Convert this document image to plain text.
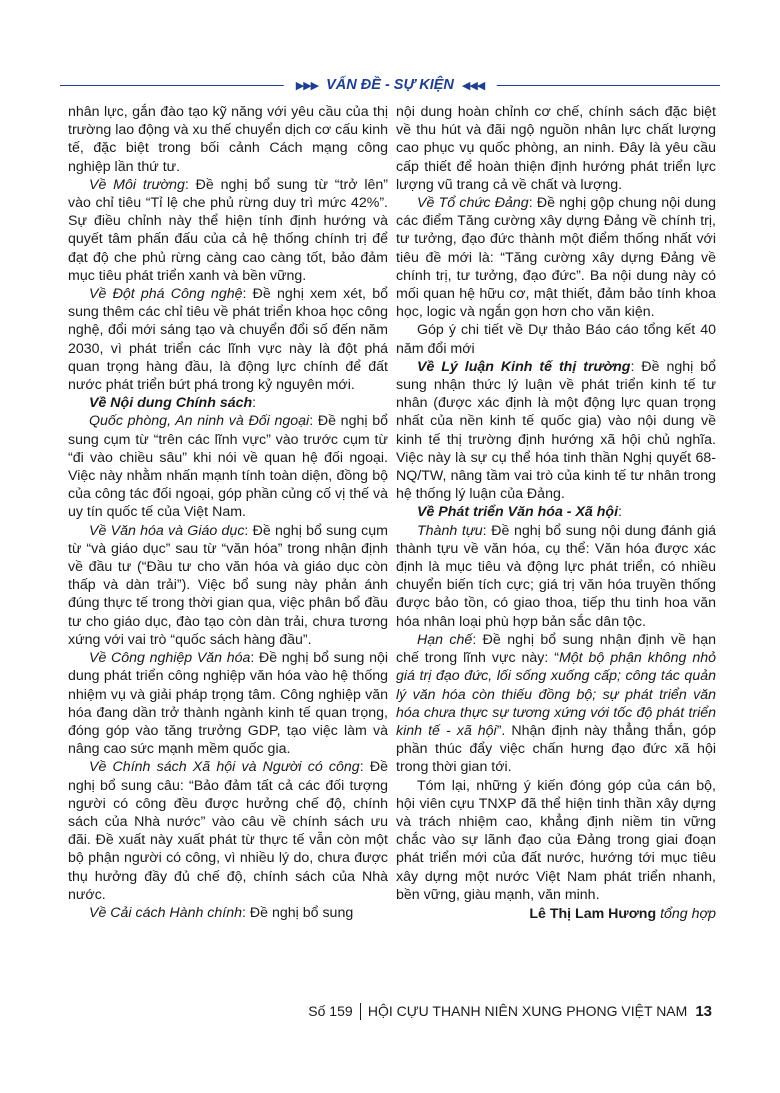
▶▶▶ VẤN ĐỀ - SỰ KIỆN ◀◀◀

nhân lực, gắn đào tạo kỹ năng với yêu cầu của thị trường lao động và xu thế chuyển dịch cơ cấu kinh tế, đặc biệt trong bối cảnh Cách mạng công nghiệp lần thứ tư.

Về Môi trường: Đề nghị bổ sung từ “trở lên” vào chỉ tiêu “Tỉ lệ che phủ rừng duy trì mức 42%”. Sự điều chỉnh này thể hiện tính định hướng và quyết tâm phấn đấu của cả hệ thống chính trị để đạt độ che phủ rừng càng cao càng tốt, bảo đảm mục tiêu phát triển xanh và bền vững.

Về Đột phá Công nghệ: Đề nghị xem xét, bổ sung thêm các chỉ tiêu về phát triển khoa học công nghệ, đổi mới sáng tạo và chuyển đổi số đến năm 2030, vì phát triển các lĩnh vực này là đột phá quan trọng hàng đầu, là động lực chính để đất nước phát triển bứt phá trong kỷ nguyên mới.

Về Nội dung Chính sách:

Quốc phòng, An ninh và Đối ngoại: Đề nghị bổ sung cụm từ “trên các lĩnh vực” vào trước cụm từ “đi vào chiều sâu” khi nói về quan hệ đối ngoại. Việc này nhằm nhấn mạnh tính toàn diện, đồng bộ của công tác đối ngoại, góp phần củng cố vị thế và uy tín quốc tế của Việt Nam.

Về Văn hóa và Giáo dục: Đề nghị bổ sung cụm từ “và giáo dục” sau từ “văn hóa” trong nhận định về đầu tư (“Đầu tư cho văn hóa và giáo dục còn thấp và dàn trải”). Việc bổ sung này phản ánh đúng thực tế trong thời gian qua, việc phân bổ đầu tư cho giáo dục, đào tạo còn dàn trải, chưa tương xứng với vai trò “quốc sách hàng đầu”.

Về Công nghiệp Văn hóa: Đề nghị bổ sung nội dung phát triển công nghiệp văn hóa vào hệ thống nhiệm vụ và giải pháp trọng tâm. Công nghiệp văn hóa đang dần trở thành ngành kinh tế quan trọng, đóng góp vào tăng trưởng GDP, tạo việc làm và nâng cao sức mạnh mềm quốc gia.

Về Chính sách Xã hội và Người có công: Đề nghị bổ sung câu: “Bảo đảm tất cả các đối tượng người có công đều được hưởng chế độ, chính sách của Nhà nước” vào câu về chính sách ưu đãi. Đề xuất này xuất phát từ thực tế vẫn còn một bộ phận người có công, vì nhiều lý do, chưa được thụ hưởng đầy đủ chế độ, chính sách của Nhà nước.

Về Cải cách Hành chính: Đề nghị bổ sung

nội dung hoàn chỉnh cơ chế, chính sách đặc biệt về thu hút và đãi ngộ nguồn nhân lực chất lượng cao phục vụ quốc phòng, an ninh. Đây là yêu cầu cấp thiết để hoàn thiện định hướng phát triển lực lượng vũ trang cả về chất và lượng.

Về Tổ chức Đảng: Đề nghị gộp chung nội dung các điểm Tăng cường xây dựng Đảng về chính trị, tư tưởng, đạo đức thành một điểm thống nhất với tiêu đề mới là: “Tăng cường xây dựng Đảng về chính trị, tư tưởng, đạo đức”. Ba nội dung này có mối quan hệ hữu cơ, mật thiết, đảm bảo tính khoa học, logic và ngắn gọn hơn cho văn kiện.

Góp ý chi tiết về Dự thảo Báo cáo tổng kết 40 năm đổi mới

Về Lý luận Kinh tế thị trường: Đề nghị bổ sung nhận thức lý luận về phát triển kinh tế tư nhân (được xác định là một động lực quan trọng nhất của nền kinh tế quốc gia) vào nội dung về kinh tế thị trường định hướng xã hội chủ nghĩa. Việc này là sự cụ thể hóa tinh thần Nghị quyết 68-NQ/TW, nâng tầm vai trò của kinh tế tư nhân trong hệ thống lý luận của Đảng.

Về Phát triển Văn hóa - Xã hội:

Thành tựu: Đề nghị bổ sung nội dung đánh giá thành tựu về văn hóa, cụ thể: Văn hóa được xác định là mục tiêu và động lực phát triển, có nhiều chuyển biến tích cực; giá trị văn hóa truyền thống được bảo tồn, có giao thoa, tiếp thu tinh hoa văn hóa nhân loại phù hợp bản sắc dân tộc.

Hạn chế: Đề nghị bổ sung nhận định về hạn chế trong lĩnh vực này: “Một bộ phận không nhỏ giá trị đạo đức, lối sống xuống cấp; công tác quản lý văn hóa còn thiếu đồng bộ; sự phát triển văn hóa chưa thực sự tương xứng với tốc độ phát triển kinh tế - xã hội”. Nhận định này thẳng thắn, góp phần thúc đẩy việc chấn hưng đạo đức xã hội trong thời gian tới.

Tóm lại, những ý kiến đóng góp của cán bộ, hội viên cựu TNXP đã thể hiện tinh thần xây dựng và trách nhiệm cao, khẳng định niềm tin vững chắc vào sự lãnh đạo của Đảng trong giai đoạn phát triển mới của đất nước, hướng tới mục tiêu xây dựng một nước Việt Nam phát triển nhanh, bền vững, giàu mạnh, văn minh.

Lê Thị Lam Hương tổng hợp

Số 159 HỘI CỰU THANH NIÊN XUNG PHONG VIỆT NAM 13
